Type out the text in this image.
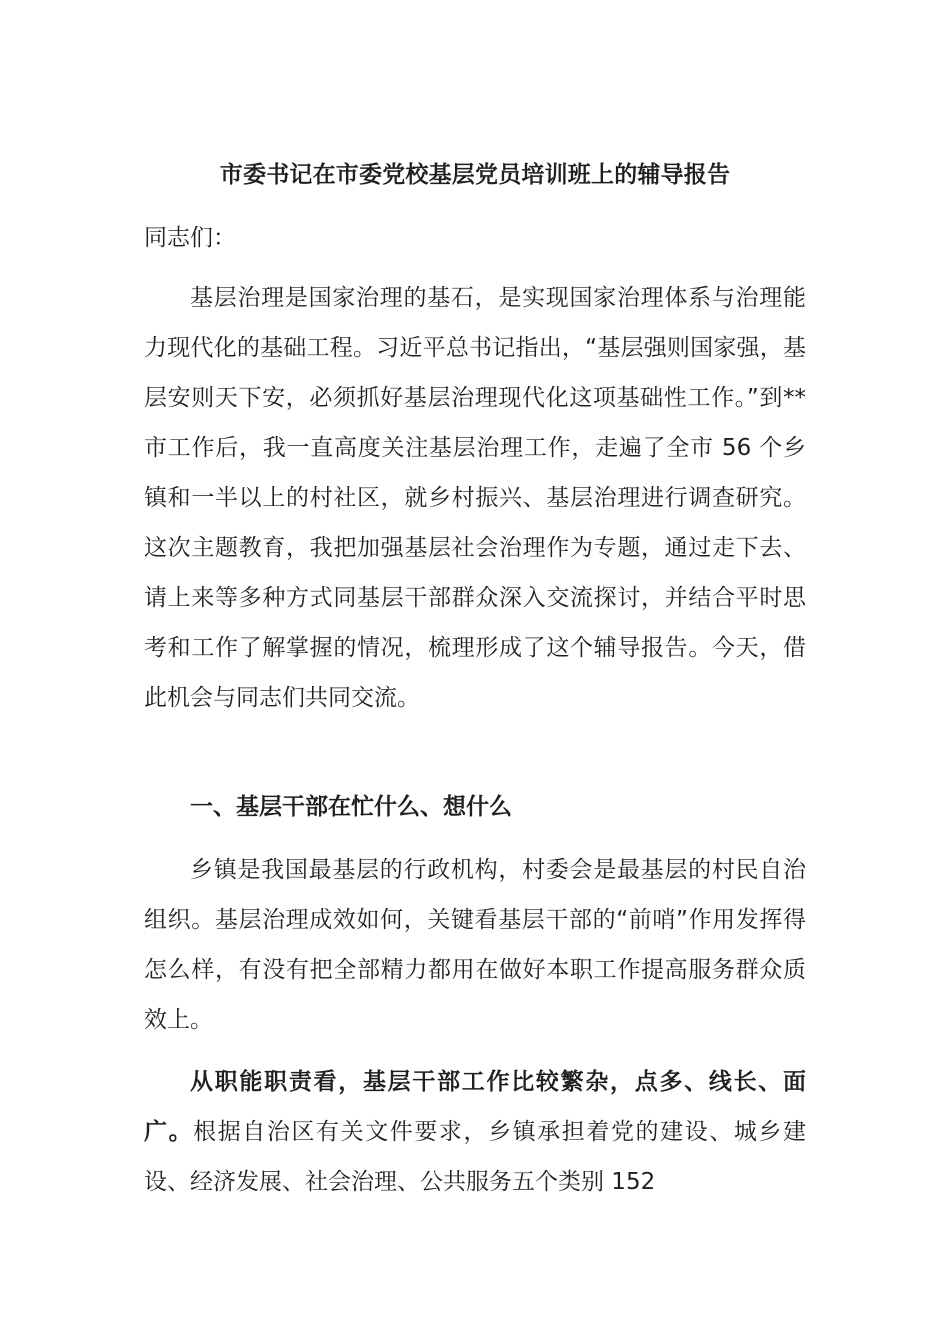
市委书记在市委党校基层党员培训班上的辅导报告
同志们：

基层治理是国家治理的基石，是实现国家治理体系与治理能力现代化的基础工程。习近平总书记指出，“基层强则国家强，基层安则天下安，必须抓好基层治理现代化这项基础性工作。”到**市工作后，我一直高度关注基层治理工作，走遍了全市 56 个乡镇和一半以上的村社区，就乡村振兴、基层治理进行调查研究。这次主题教育，我把加强基层社会治理作为专题，通过走下去、请上来等多种方式同基层干部群众深入交流探讨，并结合平时思考和工作了解掌握的情况，梳理形成了这个辅导报告。今天，借此机会与同志们共同交流。

一、基层干部在忙什么、想什么

乡镇是我国最基层的行政机构，村委会是最基层的村民自治组织。基层治理成效如何，关键看基层干部的“前哨”作用发挥得怎么样，有没有把全部精力都用在做好本职工作提高服务群众质效上。

从职能职责看，基层干部工作比较繁杂，点多、线长、面广。根据自治区有关文件要求，乡镇承担着党的建设、城乡建设、经济发展、社会治理、公共服务五个类别 152
